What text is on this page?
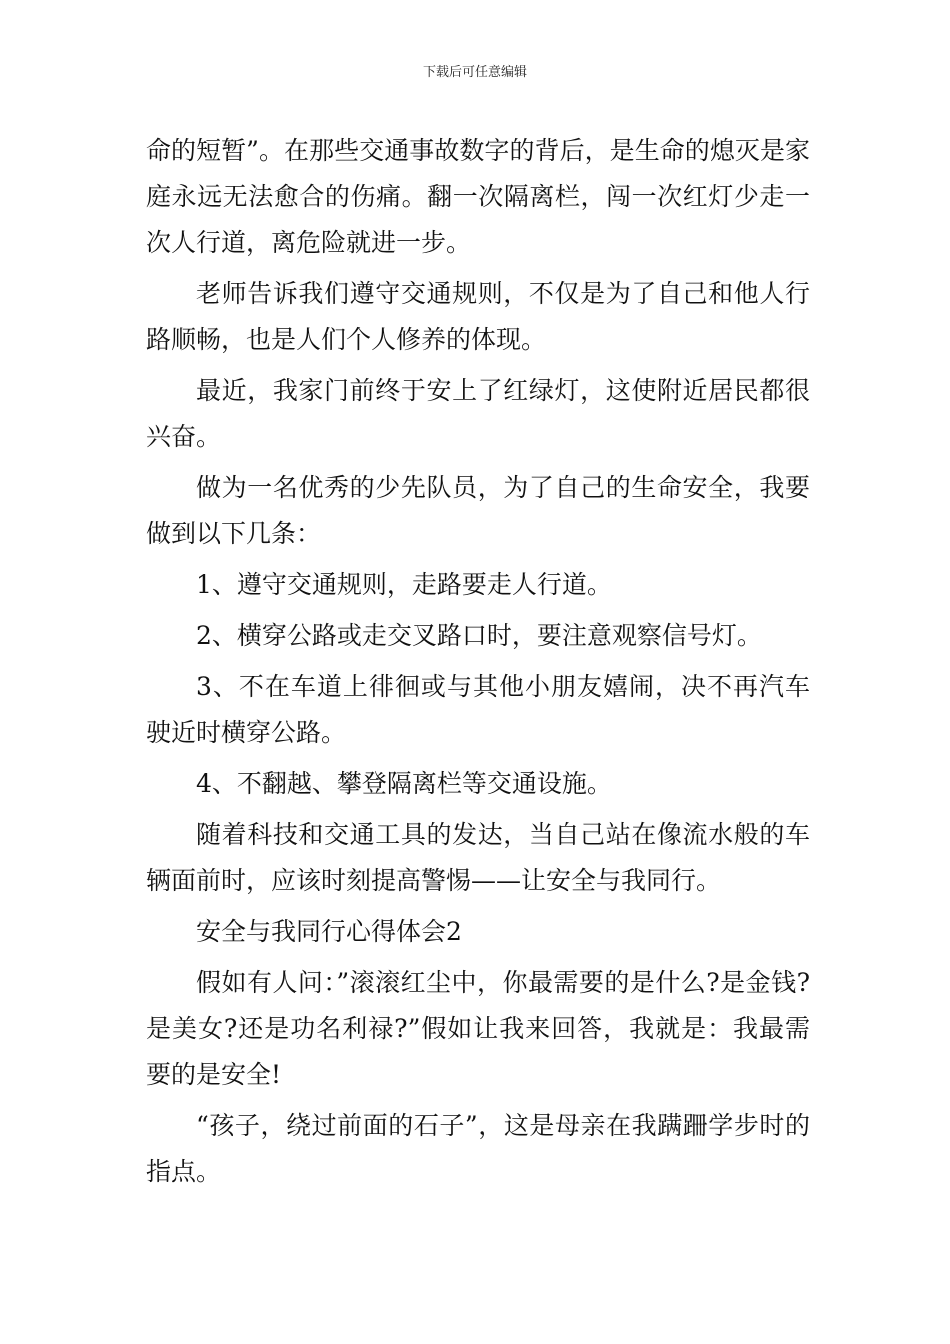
下载后可任意编辑

命的短暂”。在那些交通事故数字的背后，是生命的熄灭是家庭永远无法愈合的伤痛。翻一次隔离栏，闯一次红灯少走一次人行道，离危险就进一步。

老师告诉我们遵守交通规则，不仅是为了自己和他人行路顺畅，也是人们个人修养的体现。

最近，我家门前终于安上了红绿灯，这使附近居民都很兴奋。

做为一名优秀的少先队员，为了自己的生命安全，我要做到以下几条：

1、遵守交通规则，走路要走人行道。

2、横穿公路或走交叉路口时，要注意观察信号灯。

3、不在车道上徘徊或与其他小朋友嬉闹，决不再汽车驶近时横穿公路。

4、不翻越、攀登隔离栏等交通设施。

随着科技和交通工具的发达，当自己站在像流水般的车辆面前时，应该时刻提高警惕——让安全与我同行。

安全与我同行心得体会2

假如有人问：”滚滚红尘中，你最需要的是什么?是金钱?是美女?还是功名利禄?”假如让我来回答，我就是：我最需要的是安全!

“孩子，绕过前面的石子”，这是母亲在我蹒跚学步时的指点。
